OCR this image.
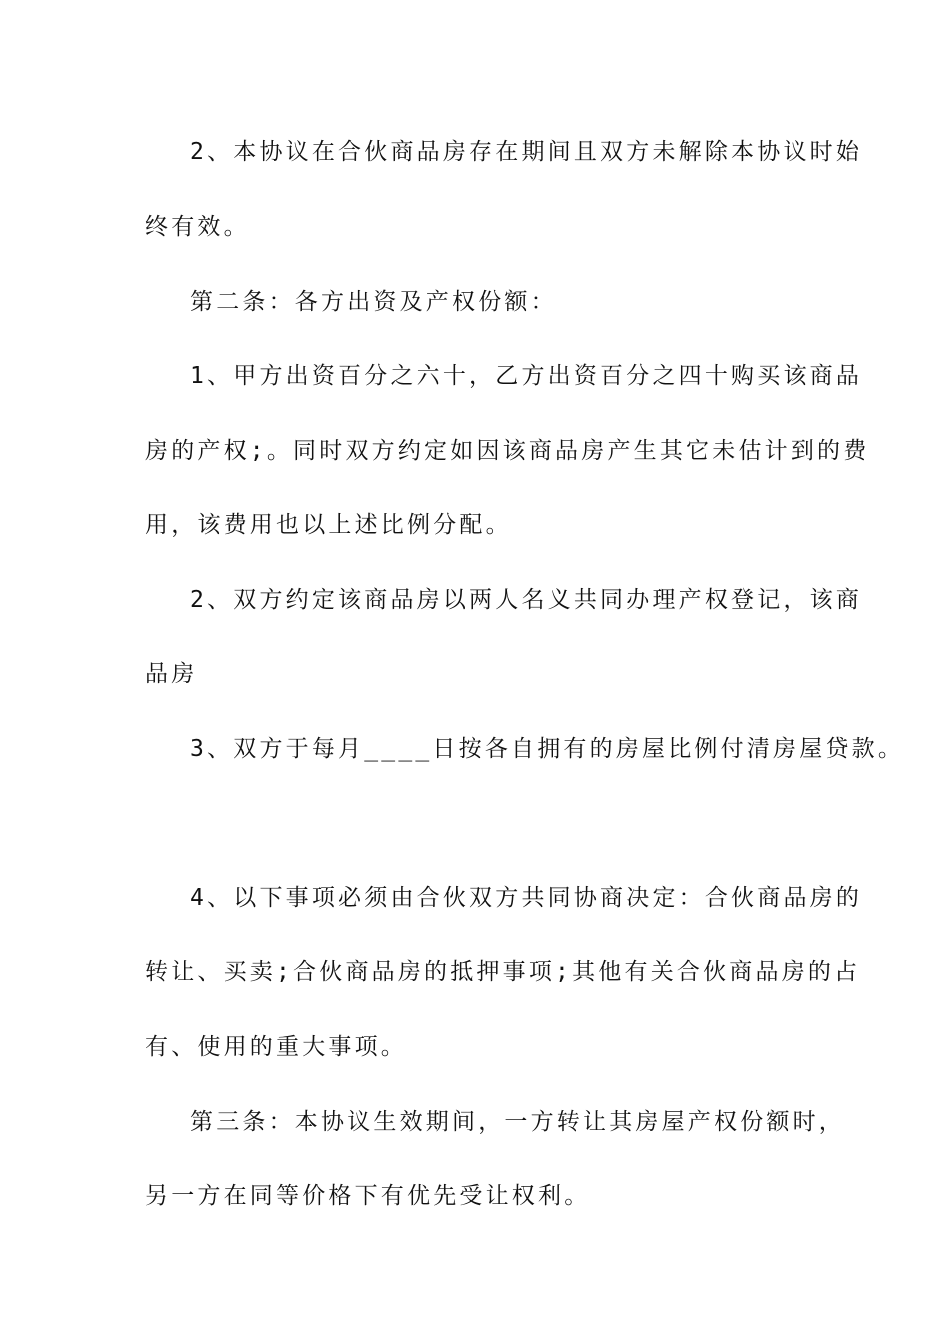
2、本协议在合伙商品房存在期间且双方未解除本协议时始

终有效。

第二条：各方出资及产权份额：

1、甲方出资百分之六十，乙方出资百分之四十购买该商品

房的产权;。同时双方约定如因该商品房产生其它未估计到的费

用，该费用也以上述比例分配。

2、双方约定该商品房以两人名义共同办理产权登记，该商

品房

3、双方于每月____日按各自拥有的房屋比例付清房屋贷款。

4、以下事项必须由合伙双方共同协商决定：合伙商品房的

转让、买卖;合伙商品房的抵押事项;其他有关合伙商品房的占

有、使用的重大事项。

第三条：本协议生效期间，一方转让其房屋产权份额时，

另一方在同等价格下有优先受让权利。
